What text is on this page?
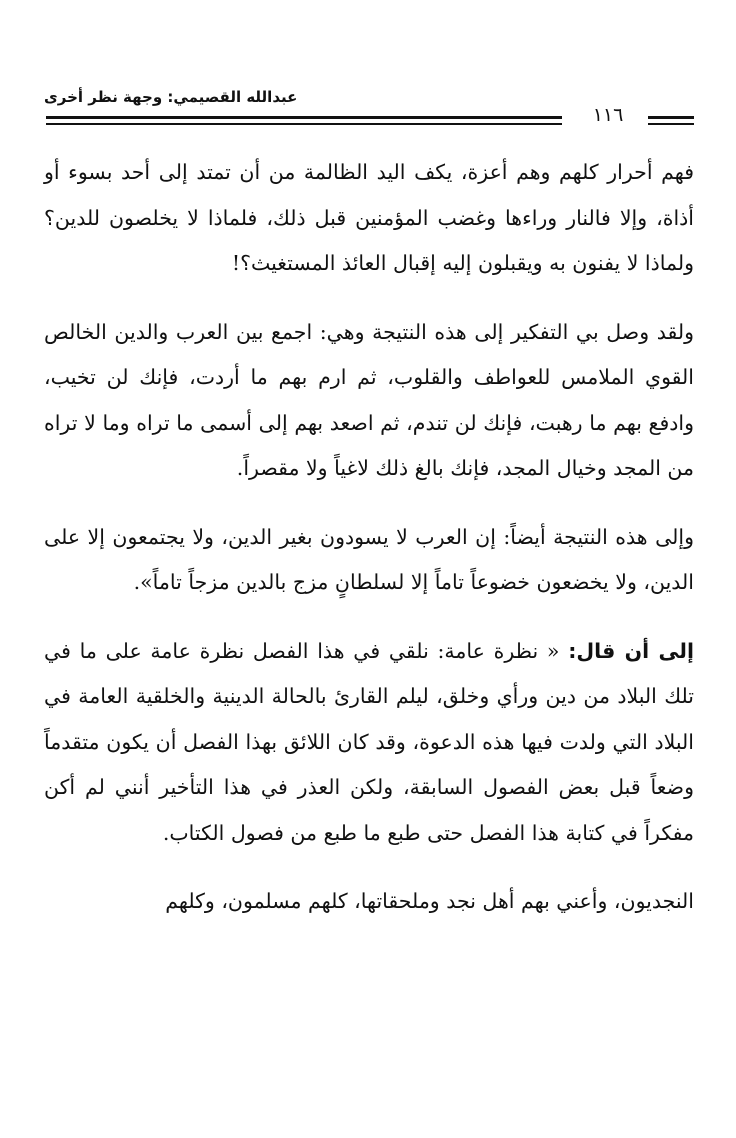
عبدالله القصيمي: وجهة نظر أخرى
١١٦

فهم أحرار كلهم وهم أعزة، يكف اليد الظالمة من أن تمتد إلى أحد بسوء أو أذاة، وإلا فالنار وراءها وغضب المؤمنين قبل ذلك، فلماذا لا يخلصون للدين؟ ولماذا لا يفنون به ويقبلون إليه إقبال العائذ المستغيث؟!

ولقد وصل بي التفكير إلى هذه النتيجة وهي: اجمع بين العرب والدين الخالص القوي الملامس للعواطف والقلوب، ثم ارم بهم ما أردت، فإنك لن تخيب، وادفع بهم ما رهبت، فإنك لن تندم، ثم اصعد بهم إلى أسمى ما تراه وما لا تراه من المجد وخيال المجد، فإنك بالغ ذلك لاغياً ولا مقصراً.

وإلى هذه النتيجة أيضاً: إن العرب لا يسودون بغير الدين، ولا يجتمعون إلا على الدين، ولا يخضعون خضوعاً تاماً إلا لسلطانٍ مزج بالدين مزجاً تاماً».

إلى أن قال: « نظرة عامة: نلقي في هذا الفصل نظرة عامة على ما في تلك البلاد من دين ورأي وخلق، ليلم القارئ بالحالة الدينية والخلقية العامة في البلاد التي ولدت فيها هذه الدعوة، وقد كان اللائق بهذا الفصل أن يكون متقدماً وضعاً قبل بعض الفصول السابقة، ولكن العذر في هذا التأخير أنني لم أكن مفكراً في كتابة هذا الفصل حتى طبع ما طبع من فصول الكتاب.

النجديون، وأعني بهم أهل نجد وملحقاتها، كلهم مسلمون، وكلهم
